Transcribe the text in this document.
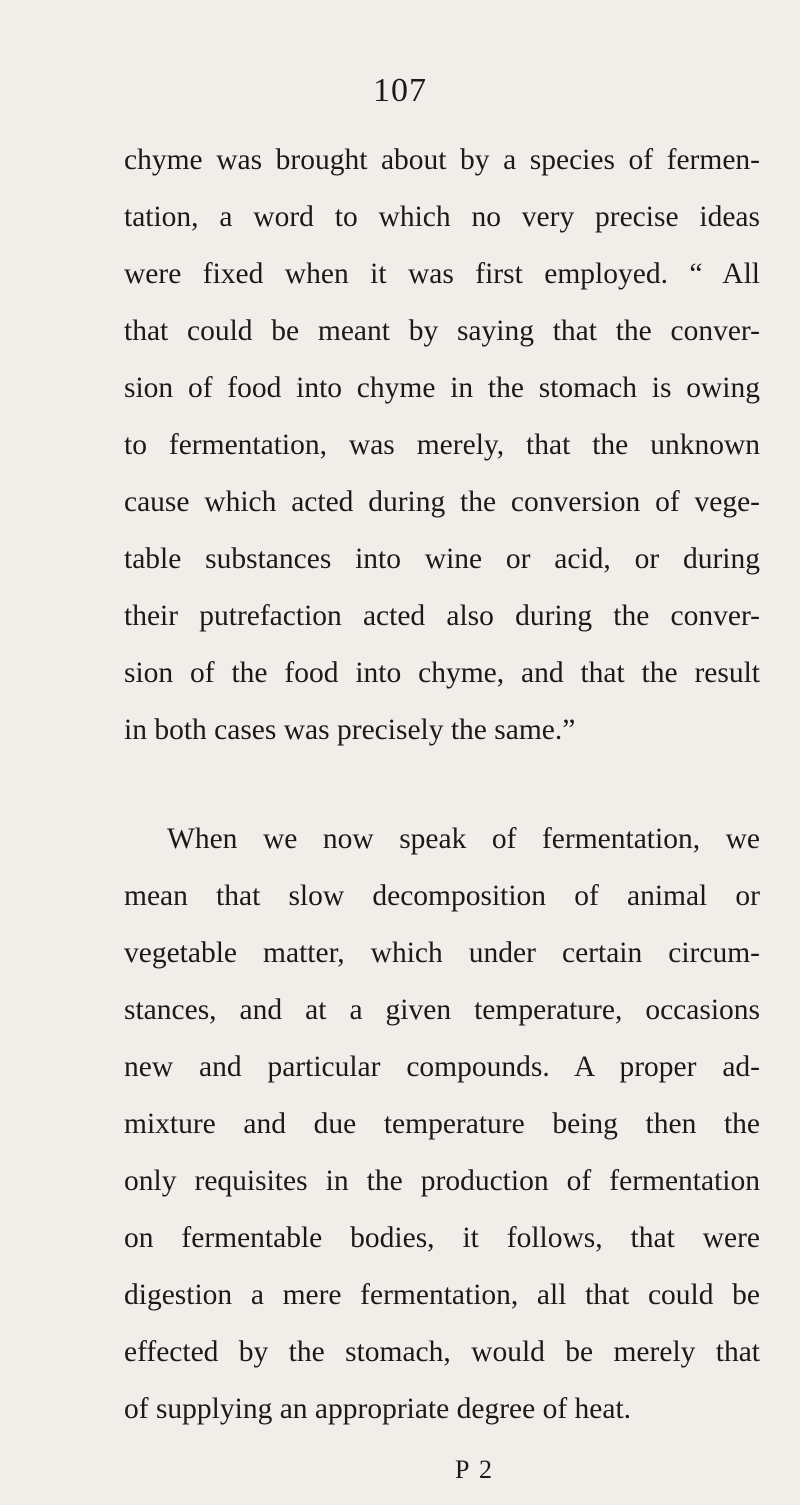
107
chyme was brought about by a species of fermen-
tation, a word to which no very precise ideas
were fixed when it was first employed. “ All
that could be meant by saying that the conver-
sion of food into chyme in the stomach is owing
to fermentation, was merely, that the unknown
cause which acted during the conversion of vege-
table substances into wine or acid, or during
their putrefaction acted also during the conver-
sion of the food into chyme, and that the result
in both cases was precisely the same.”
When we now speak of fermentation, we
mean that slow decomposition of animal or
vegetable matter, which under certain circum-
stances, and at a given temperature, occasions
new and particular compounds. A proper ad-
mixture and due temperature being then the
only requisites in the production of fermentation
on fermentable bodies, it follows, that were
digestion a mere fermentation, all that could be
effected by the stomach, would be merely that
of supplying an appropriate degree of heat.
P 2
